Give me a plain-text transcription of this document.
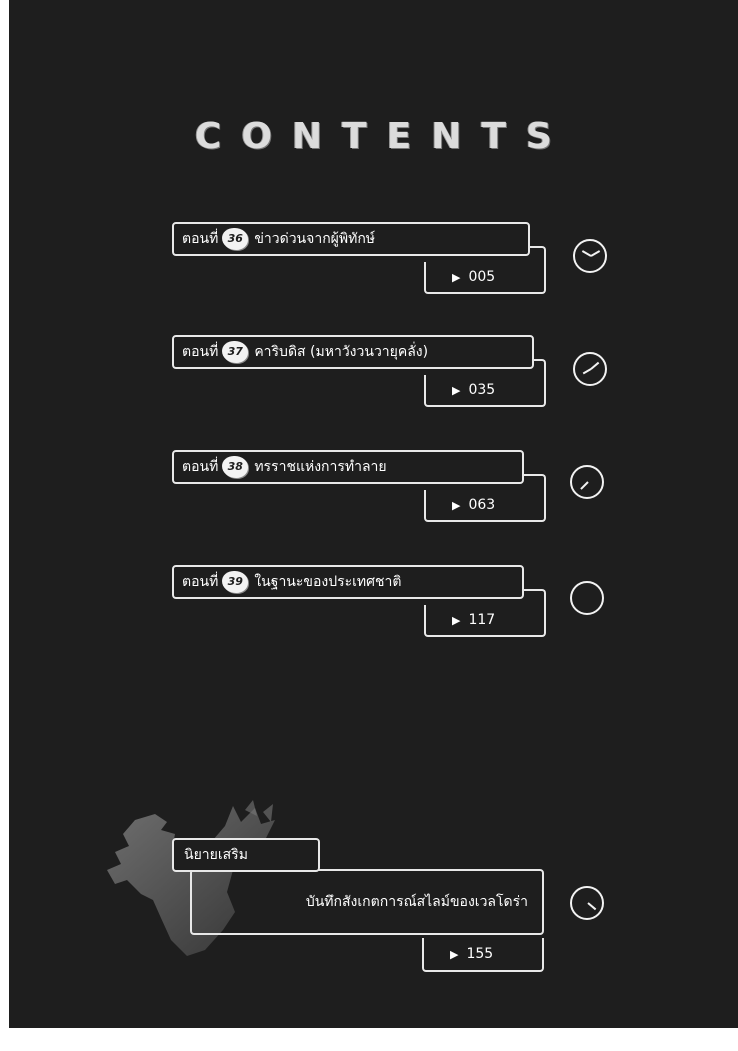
CONTENTS
ตอนที่ 36 ข่าวด่วนจากผู้พิทักษ์
▶ 005
ตอนที่ 37 คาริบดิส (มหาวังวนวายุคลั่ง)
▶ 035
ตอนที่ 38 ทรราชแห่งการทำลาย
▶ 063
ตอนที่ 39 ในฐานะของประเทศชาติ
▶ 117
นิยายเสริม
บันทึกสังเกตการณ์สไลม์ของเวลโดร่า
▶ 155
